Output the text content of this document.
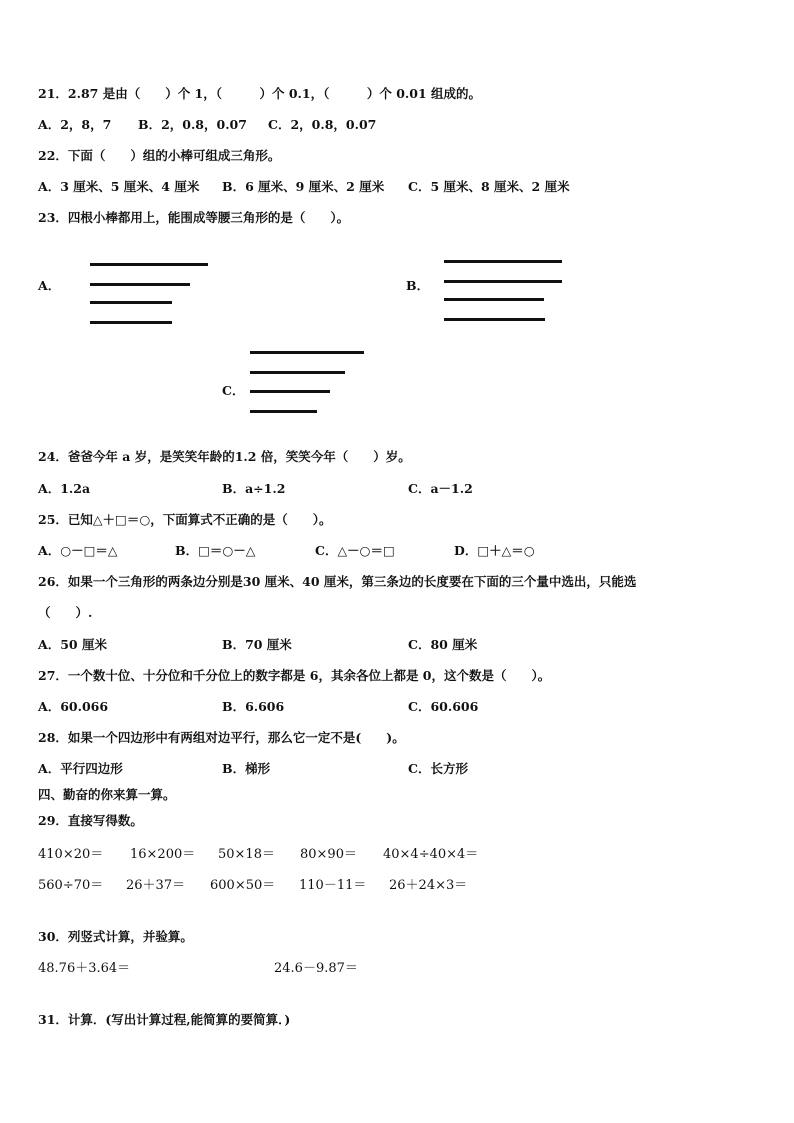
21．2.87 是由（　　）个 1，（　　　）个 0.1，（　　　）个 0.01 组成的。
A．2，8，7 B．2，0.8，0.07 C．2，0.8，0.07
22．下面（　　）组的小棒可组成三角形。
A．3 厘米、5 厘米、4 厘米 B．6 厘米、9 厘米、2 厘米 C．5 厘米、8 厘米、2 厘米
23．四根小棒都用上，能围成等腰三角形的是（　　）。
A．	B．
C．
24．爸爸今年 a 岁，是笑笑年龄的1.2 倍，笑笑今年（　　）岁。
A．1.2a	B．a÷1.2	C．a－1.2
25．已知△＋□＝○，下面算式不正确的是（　　）。
A．○－□＝△	B．□＝○－△	C．△－○＝□	D．□＋△＝○
26．如果一个三角形的两条边分别是30 厘米、40 厘米，第三条边的长度要在下面的三个量中选出，只能选
（　　）.
A．50 厘米	B．70 厘米	C．80 厘米
27．一个数十位、十分位和千分位上的数字都是 6，其余各位上都是 0，这个数是（　　）。
A．60.066	B．6.606	C．60.606
28．如果一个四边形中有两组对边平行，那么它一定不是(　　)。
A．平行四边形	B．梯形	C．长方形
四、勤奋的你来算一算。
29．直接写得数。
410×20＝ 16×200＝ 50×18＝ 80×90＝ 40×4÷40×4＝
560÷70＝ 26＋37＝ 600×50＝ 110－11＝ 26＋24×3＝
30．列竖式计算，并验算。
48.76＋3.64＝	24.6－9.87＝
31．计算．(写出计算过程,能简算的要简算．)
